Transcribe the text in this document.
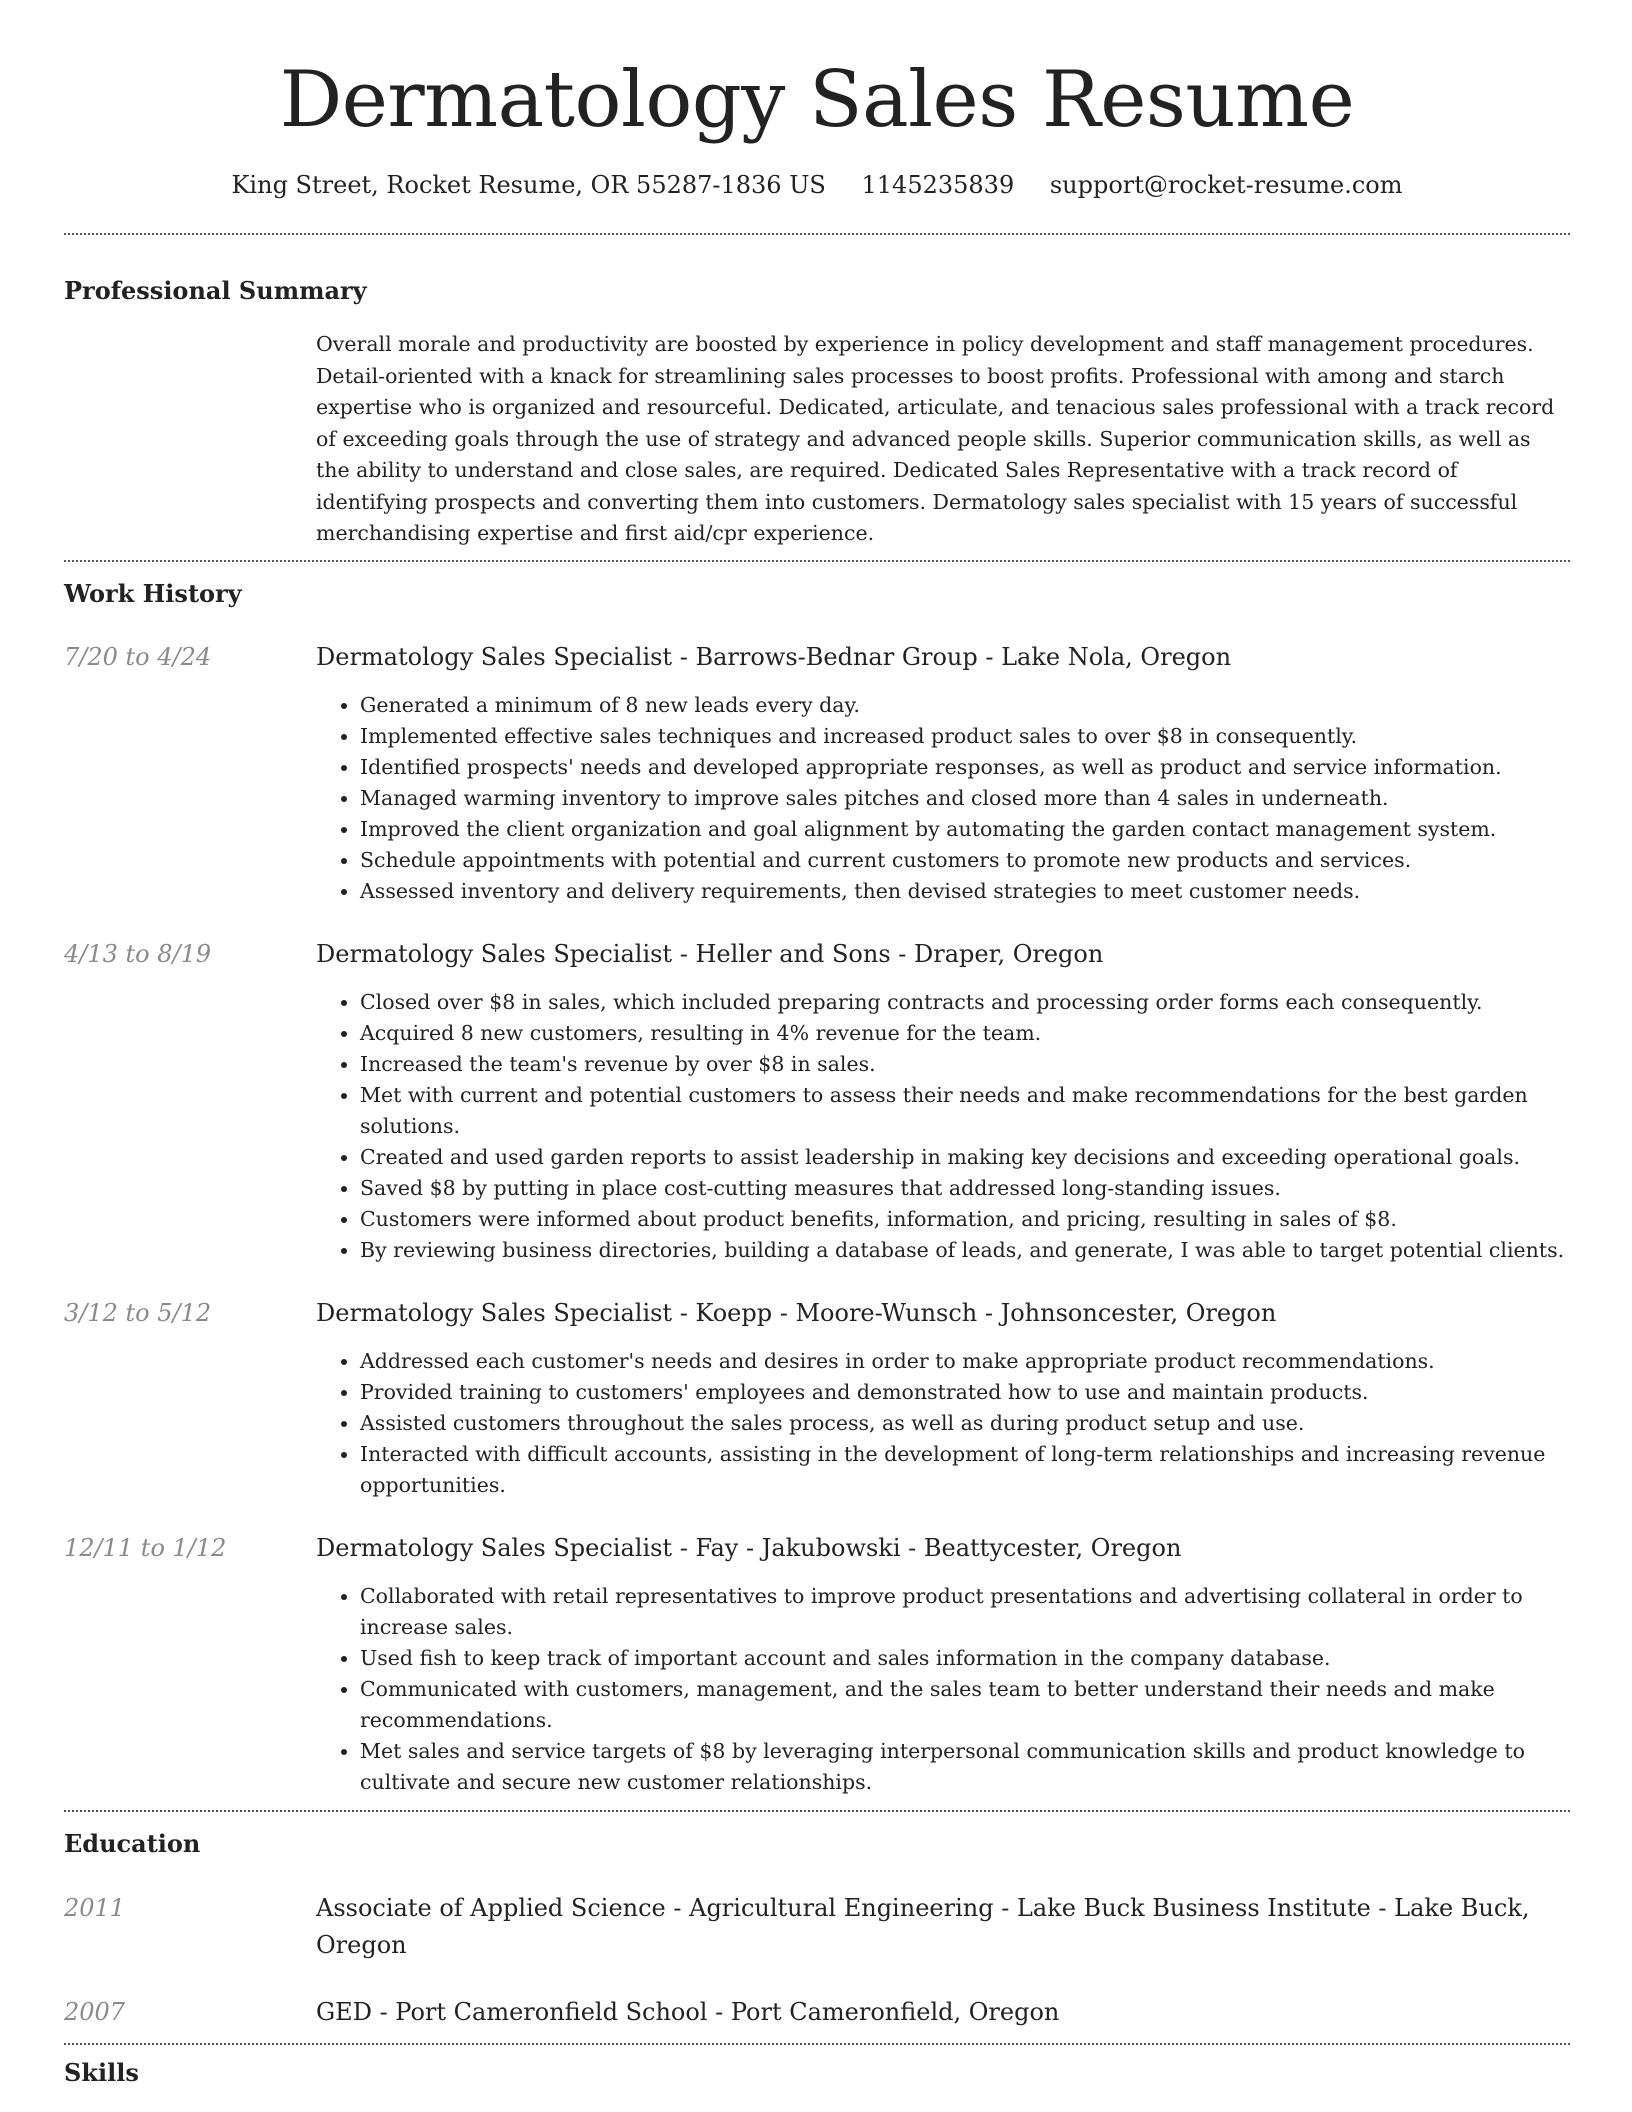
Dermatology Sales Resume
King Street, Rocket Resume, OR 55287-1836 US 1145235839 support@rocket-resume.com
Professional Summary

Overall morale and productivity are boosted by experience in policy development and staff management procedures. Detail-oriented with a knack for streamlining sales processes to boost profits. Professional with among and starch expertise who is organized and resourceful. Dedicated, articulate, and tenacious sales professional with a track record of exceeding goals through the use of strategy and advanced people skills. Superior communication skills, as well as the ability to understand and close sales, are required. Dedicated Sales Representative with a track record of identifying prospects and converting them into customers. Dermatology sales specialist with 15 years of successful merchandising expertise and first aid/cpr experience.

Work History
7/20 to 4/24	Dermatology Sales Specialist - Barrows-Bednar Group - Lake Nola, Oregon
• Generated a minimum of 8 new leads every day.
• Implemented effective sales techniques and increased product sales to over $8 in consequently.
• Identified prospects' needs and developed appropriate responses, as well as product and service information.
• Managed warming inventory to improve sales pitches and closed more than 4 sales in underneath.
• Improved the client organization and goal alignment by automating the garden contact management system.
• Schedule appointments with potential and current customers to promote new products and services.
• Assessed inventory and delivery requirements, then devised strategies to meet customer needs.
4/13 to 8/19	Dermatology Sales Specialist - Heller and Sons - Draper, Oregon
• Closed over $8 in sales, which included preparing contracts and processing order forms each consequently.
• Acquired 8 new customers, resulting in 4% revenue for the team.
• Increased the team's revenue by over $8 in sales.
• Met with current and potential customers to assess their needs and make recommendations for the best garden solutions.
• Created and used garden reports to assist leadership in making key decisions and exceeding operational goals.
• Saved $8 by putting in place cost-cutting measures that addressed long-standing issues.
• Customers were informed about product benefits, information, and pricing, resulting in sales of $8.
• By reviewing business directories, building a database of leads, and generate, I was able to target potential clients.
3/12 to 5/12	Dermatology Sales Specialist - Koepp - Moore-Wunsch - Johnsoncester, Oregon
• Addressed each customer's needs and desires in order to make appropriate product recommendations.
• Provided training to customers' employees and demonstrated how to use and maintain products.
• Assisted customers throughout the sales process, as well as during product setup and use.
• Interacted with difficult accounts, assisting in the development of long-term relationships and increasing revenue opportunities.
12/11 to 1/12	Dermatology Sales Specialist - Fay - Jakubowski - Beattycester, Oregon
• Collaborated with retail representatives to improve product presentations and advertising collateral in order to increase sales.
• Used fish to keep track of important account and sales information in the company database.
• Communicated with customers, management, and the sales team to better understand their needs and make recommendations.
• Met sales and service targets of $8 by leveraging interpersonal communication skills and product knowledge to cultivate and secure new customer relationships.
Education
2011	Associate of Applied Science - Agricultural Engineering - Lake Buck Business Institute - Lake Buck, Oregon
2007	GED - Port Cameronfield School - Port Cameronfield, Oregon
Skills
